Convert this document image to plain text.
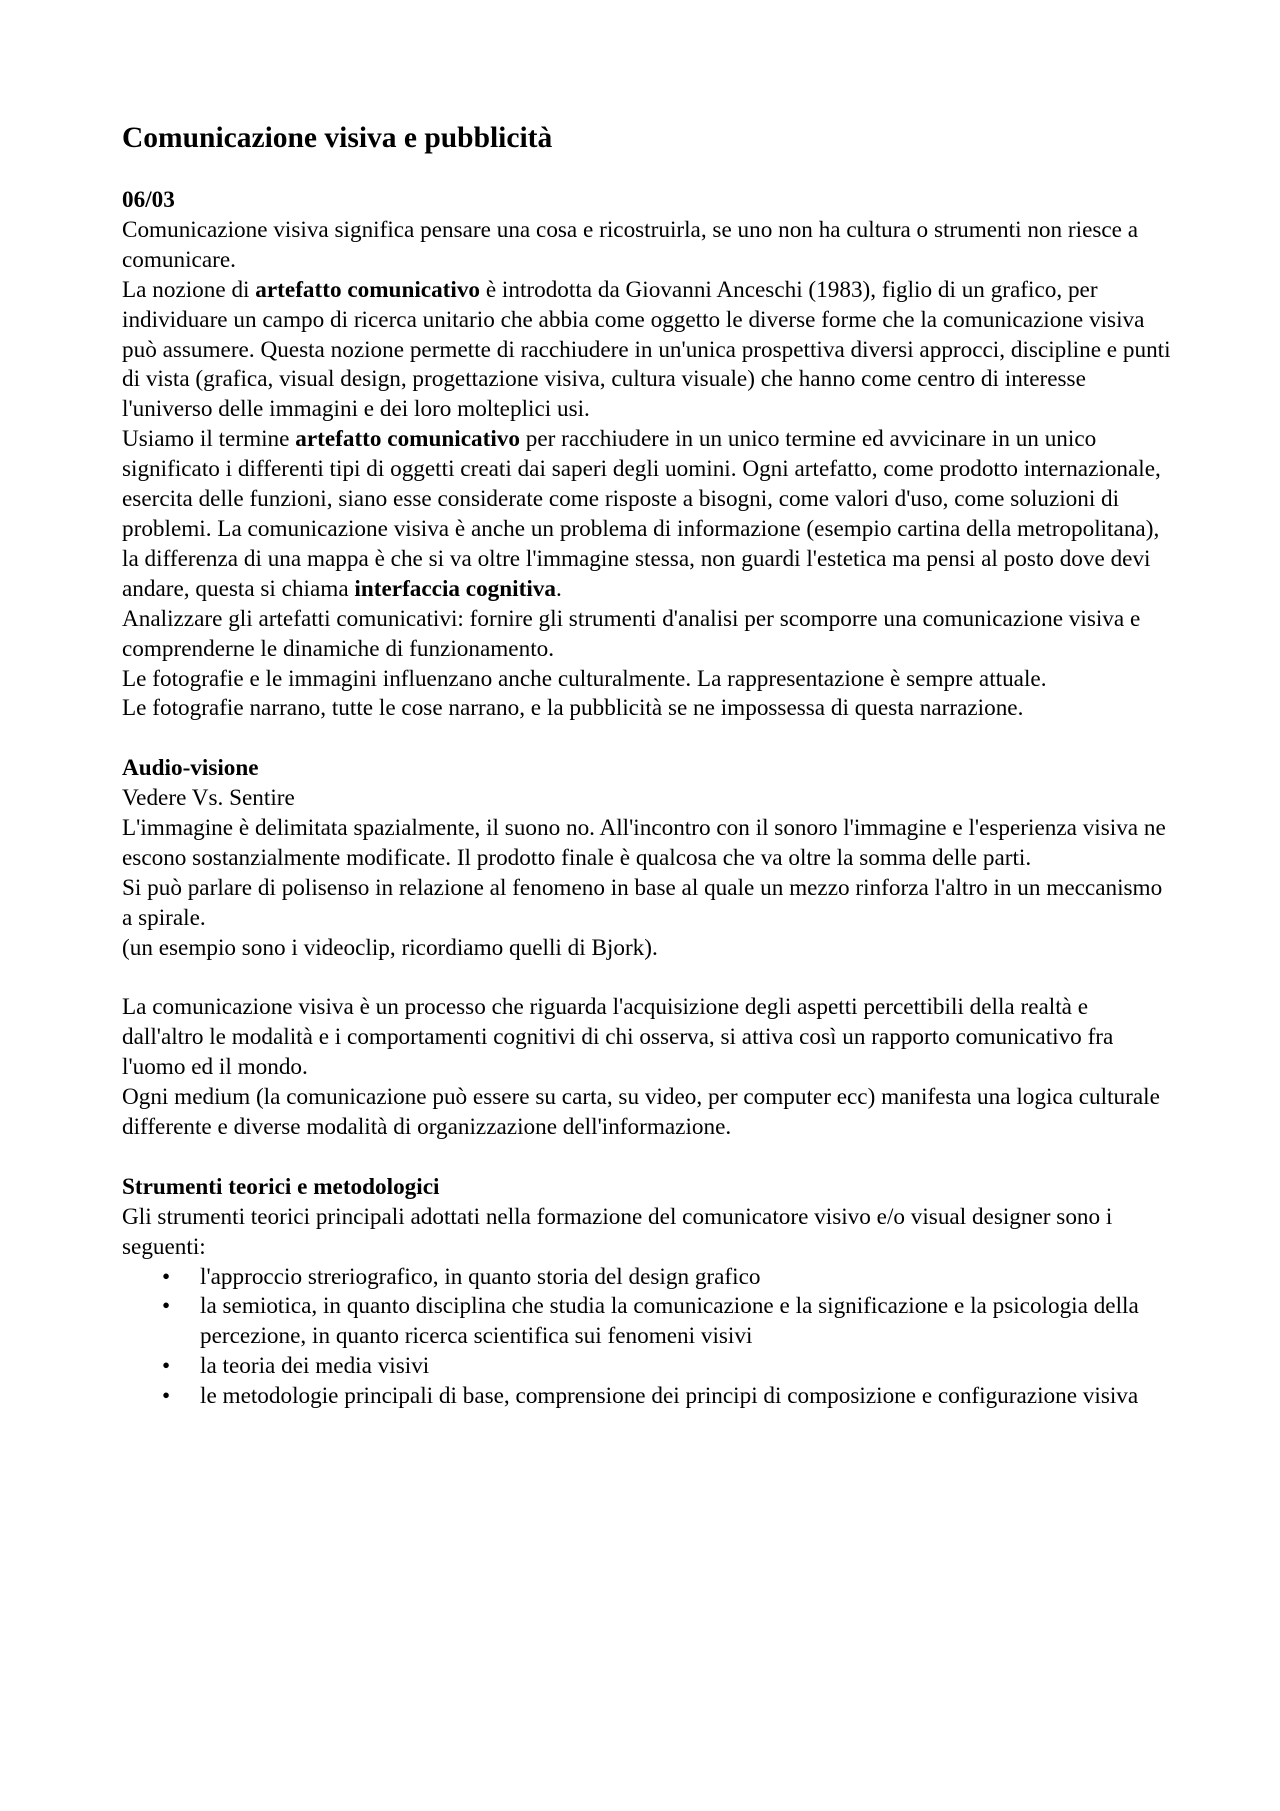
Comunicazione visiva e pubblicità

06/03

Comunicazione visiva significa pensare una cosa e ricostruirla, se uno non ha cultura o strumenti non riesce a comunicare.

La nozione di artefatto comunicativo è introdotta da Giovanni Anceschi (1983), figlio di un grafico, per individuare un campo di ricerca unitario che abbia come oggetto le diverse forme che la comunicazione visiva può assumere. Questa nozione permette di racchiudere in un'unica prospettiva diversi approcci, discipline e punti di vista (grafica, visual design, progettazione visiva, cultura visuale) che hanno come centro di interesse l'universo delle immagini e dei loro molteplici usi.

Usiamo il termine artefatto comunicativo per racchiudere in un unico termine ed avvicinare in un unico significato i differenti tipi di oggetti creati dai saperi degli uomini. Ogni artefatto, come prodotto internazionale, esercita delle funzioni, siano esse considerate come risposte a bisogni, come valori d'uso, come soluzioni di problemi. La comunicazione visiva è anche un problema di informazione (esempio cartina della metropolitana), la differenza di una mappa è che si va oltre l'immagine stessa, non guardi l'estetica ma pensi al posto dove devi andare, questa si chiama interfaccia cognitiva.

Analizzare gli artefatti comunicativi: fornire gli strumenti d'analisi per scomporre una comunicazione visiva e comprenderne le dinamiche di funzionamento.

Le fotografie e le immagini influenzano anche culturalmente. La rappresentazione è sempre attuale.

Le fotografie narrano, tutte le cose narrano, e la pubblicità se ne impossessa di questa narrazione.

Audio-visione

Vedere Vs. Sentire

L'immagine è delimitata spazialmente, il suono no. All'incontro con il sonoro l'immagine e l'esperienza visiva ne escono sostanzialmente modificate. Il prodotto finale è qualcosa che va oltre la somma delle parti.

Si può parlare di polisenso in relazione al fenomeno in base al quale un mezzo rinforza l'altro in un meccanismo a spirale.

(un esempio sono i videoclip, ricordiamo quelli di Bjork).

La comunicazione visiva è un processo che riguarda l'acquisizione degli aspetti percettibili della realtà e dall'altro le modalità e i comportamenti cognitivi di chi osserva, si attiva così un rapporto comunicativo fra l'uomo ed il mondo.

Ogni medium (la comunicazione può essere su carta, su video, per computer ecc) manifesta una logica culturale differente e diverse modalità di organizzazione dell'informazione.

Strumenti teorici e metodologici

Gli strumenti teorici principali adottati nella formazione del comunicatore visivo e/o visual designer sono i seguenti:

• l'approccio streriografico, in quanto storia del design grafico
• la semiotica, in quanto disciplina che studia la comunicazione e la significazione e la psicologia della percezione, in quanto ricerca scientifica sui fenomeni visivi
• la teoria dei media visivi
• le metodologie principali di base, comprensione dei principi di composizione e configurazione visiva
